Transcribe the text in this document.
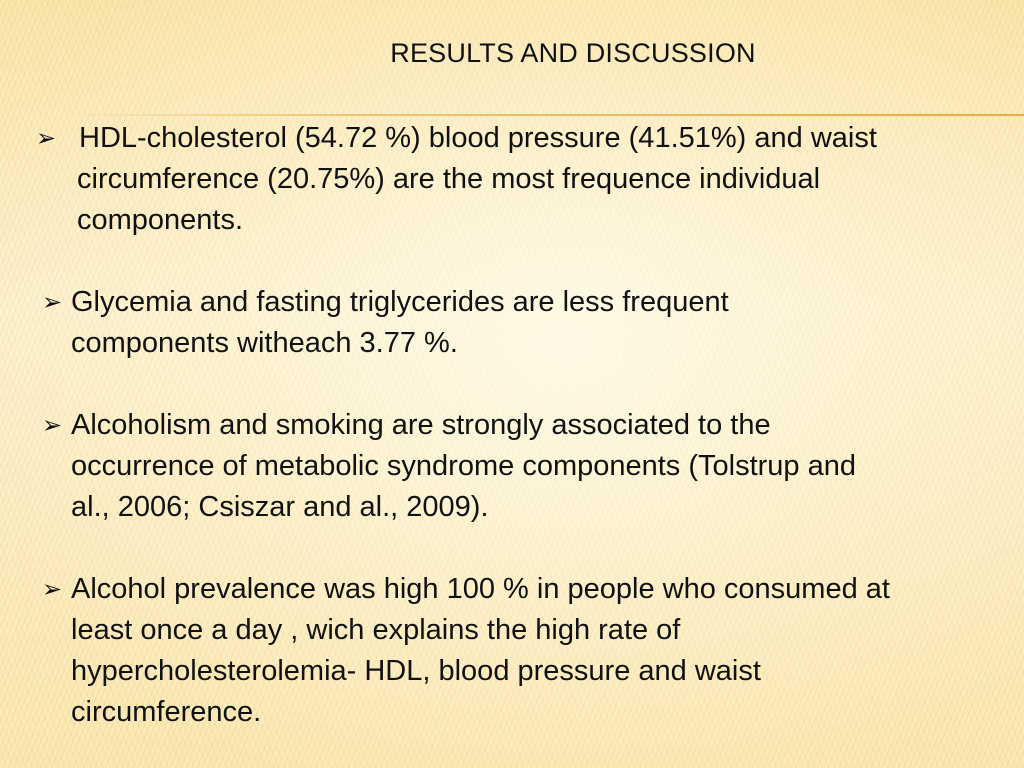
RESULTS AND DISCUSSION
➢ HDL-cholesterol (54.72 %) blood pressure (41.51%) and waist
circumference (20.75%) are the most frequence individual
components.
➢ Glycemia and fasting triglycerides are less frequent
components witheach 3.77 %.
➢ Alcoholism and smoking are strongly associated to the
occurrence of metabolic syndrome components (Tolstrup and
al., 2006; Csiszar and al., 2009).
➢ Alcohol prevalence was high 100 % in people who consumed at
least once a day , wich explains the high rate of
hypercholesterolemia- HDL, blood pressure and waist
circumference.
